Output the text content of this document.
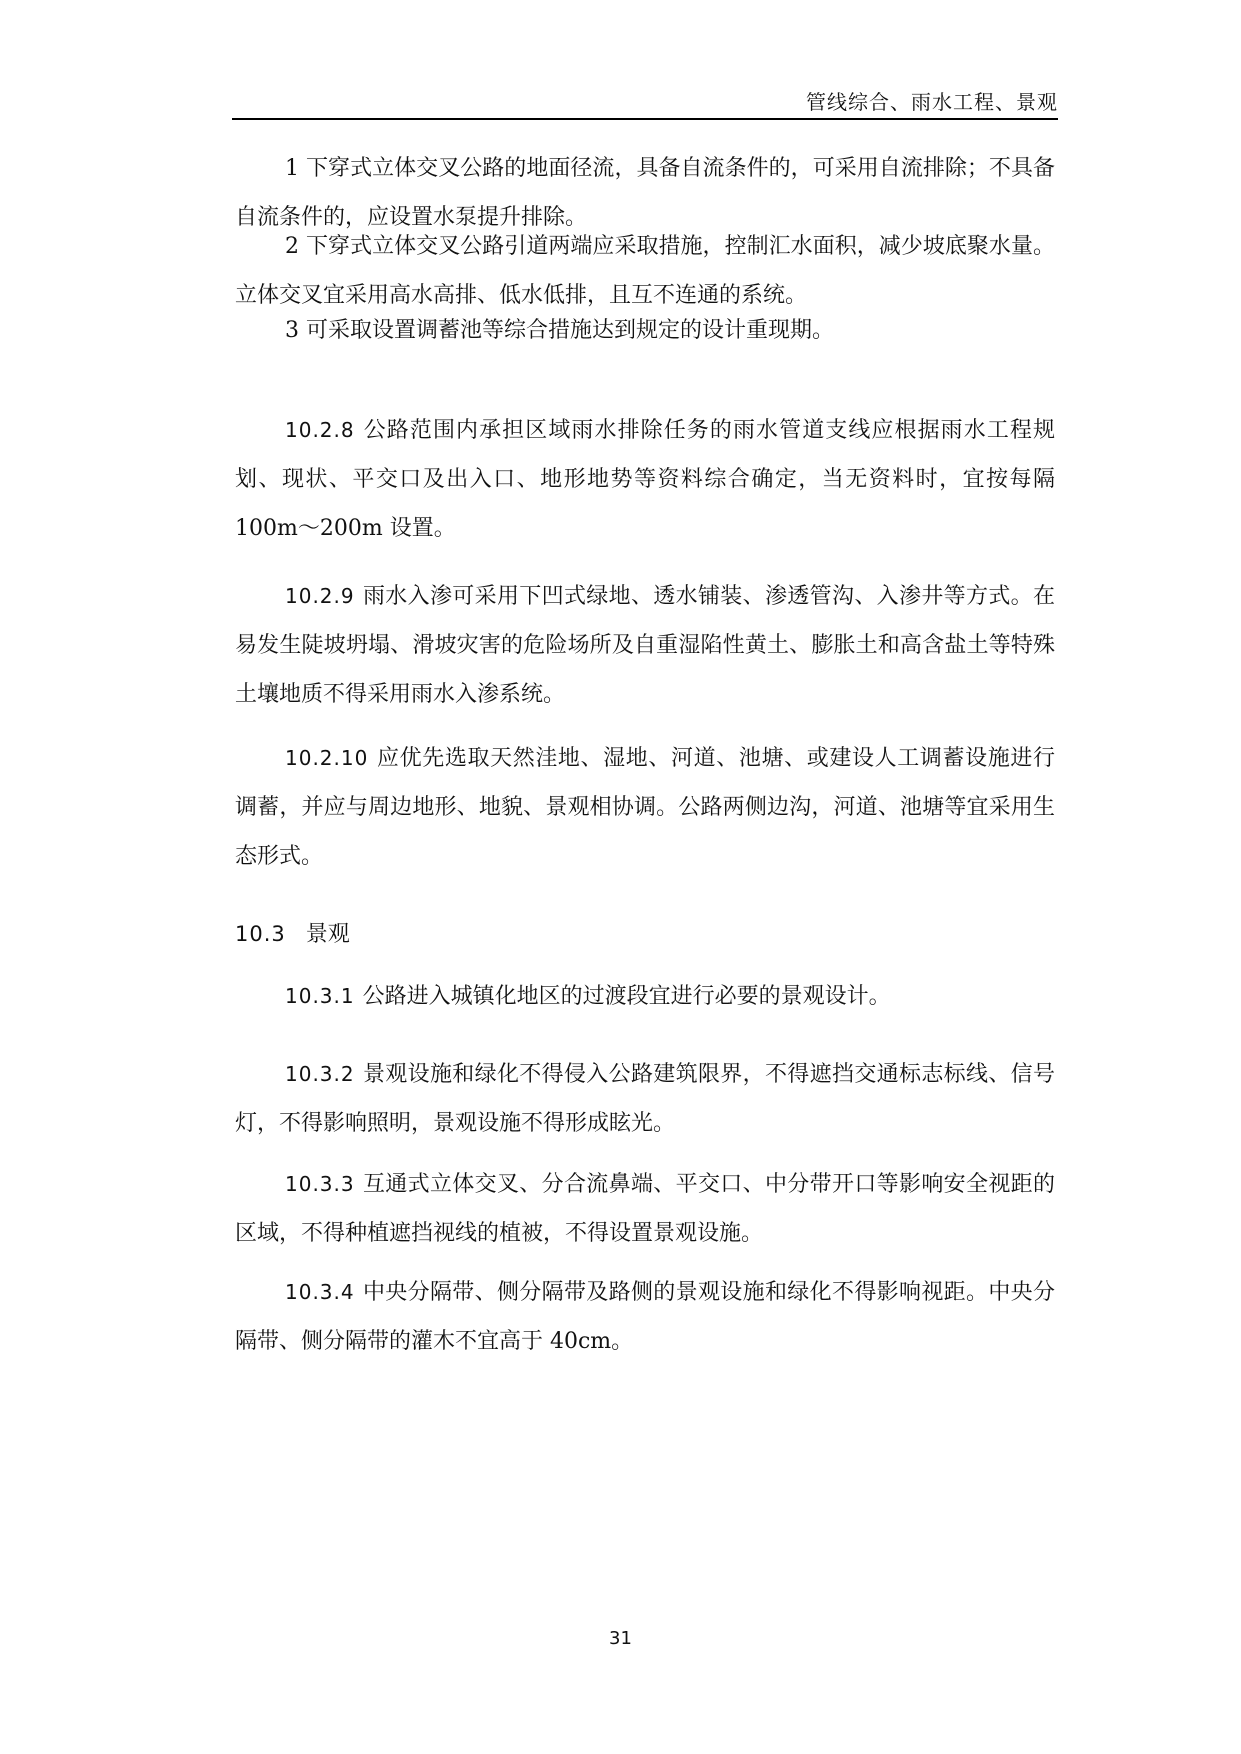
管线综合、雨水工程、景观

1 下穿式立体交叉公路的地面径流，具备自流条件的，可采用自流排除；不具备自流条件的，应设置水泵提升排除。

2 下穿式立体交叉公路引道两端应采取措施，控制汇水面积，减少坡底聚水量。立体交叉宜采用高水高排、低水低排，且互不连通的系统。

3 可采取设置调蓄池等综合措施达到规定的设计重现期。

10.2.8 公路范围内承担区域雨水排除任务的雨水管道支线应根据雨水工程规划、现状、平交口及出入口、地形地势等资料综合确定，当无资料时，宜按每隔 100m～200m 设置。

10.2.9 雨水入渗可采用下凹式绿地、透水铺装、渗透管沟、入渗井等方式。在易发生陡坡坍塌、滑坡灾害的危险场所及自重湿陷性黄土、膨胀土和高含盐土等特殊土壤地质不得采用雨水入渗系统。

10.2.10 应优先选取天然洼地、湿地、河道、池塘、或建设人工调蓄设施进行调蓄，并应与周边地形、地貌、景观相协调。公路两侧边沟，河道、池塘等宜采用生态形式。

10.3 景观

10.3.1 公路进入城镇化地区的过渡段宜进行必要的景观设计。

10.3.2 景观设施和绿化不得侵入公路建筑限界，不得遮挡交通标志标线、信号灯，不得影响照明，景观设施不得形成眩光。

10.3.3 互通式立体交叉、分合流鼻端、平交口、中分带开口等影响安全视距的区域，不得种植遮挡视线的植被，不得设置景观设施。

10.3.4 中央分隔带、侧分隔带及路侧的景观设施和绿化不得影响视距。中央分隔带、侧分隔带的灌木不宜高于 40cm。

31
